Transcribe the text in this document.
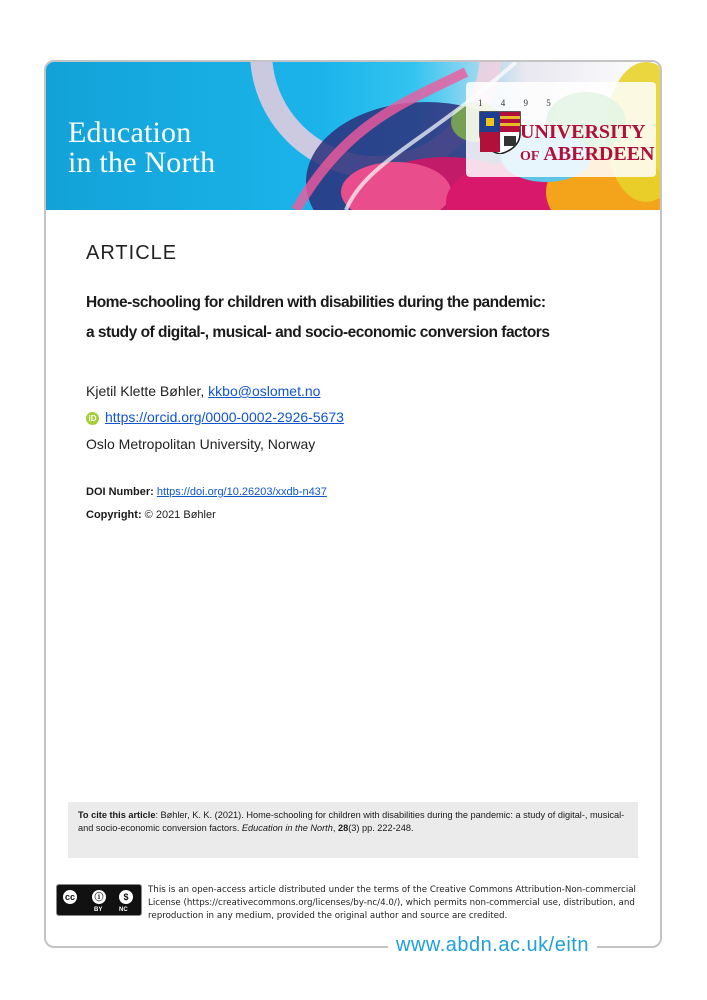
Education
in the North
1 4 9 5
UNIVERSITY
OF ABERDEEN
ARTICLE
Home-schooling for children with disabilities during the pandemic:
a study of digital-, musical- and socio-economic conversion factors
Kjetil Klette Bøhler, kkbo@oslomet.no
iD https://orcid.org/0000-0002-2926-5673
Oslo Metropolitan University, Norway
DOI Number: https://doi.org/10.26203/xxdb-n437
Copyright: © 2021 Bøhler
To cite this article: Bøhler, K. K. (2021). Home-schooling for children with disabilities during the pandemic: a study of digital-, musical- and socio-economic conversion factors. Education in the North, 28(3) pp. 222-248.
cc	ⓘ	$
BY	NC
This is an open-access article distributed under the terms of the Creative Commons Attribution-Non-commercial License (https://creativecommons.org/licenses/by-nc/4.0/), which permits non-commercial use, distribution, and reproduction in any medium, provided the original author and source are credited.
www.abdn.ac.uk/eitn
